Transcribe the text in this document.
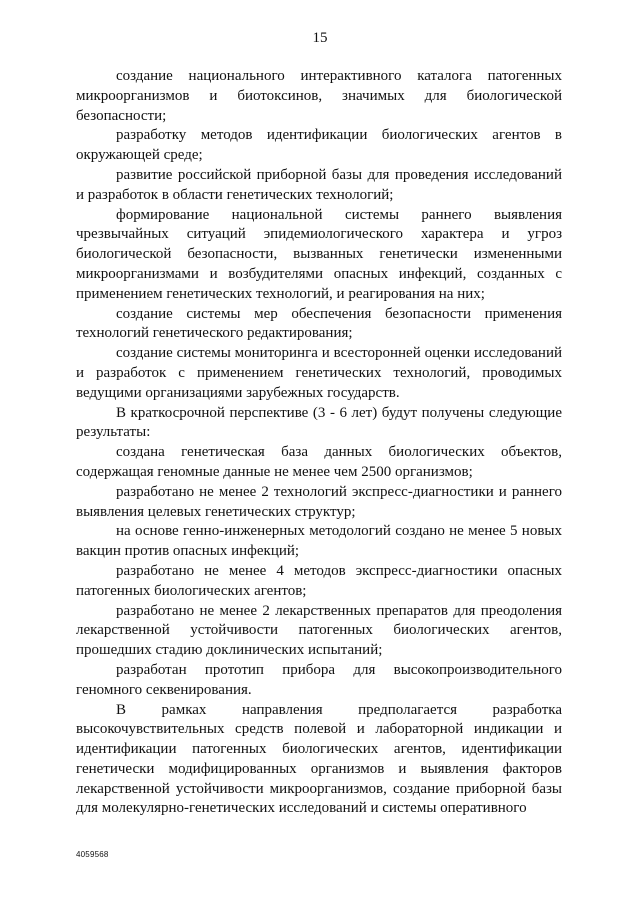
15

создание национального интерактивного каталога патогенных микроорганизмов и биотоксинов, значимых для биологической безопасности;

разработку методов идентификации биологических агентов в окружающей среде;

развитие российской приборной базы для проведения исследований и разработок в области генетических технологий;

формирование национальной системы раннего выявления чрезвычайных ситуаций эпидемиологического характера и угроз биологической безопасности, вызванных генетически измененными микроорганизмами и возбудителями опасных инфекций, созданных с применением генетических технологий, и реагирования на них;

создание системы мер обеспечения безопасности применения технологий генетического редактирования;

создание системы мониторинга и всесторонней оценки исследований и разработок с применением генетических технологий, проводимых ведущими организациями зарубежных государств.

В краткосрочной перспективе (3 - 6 лет) будут получены следующие результаты:

создана генетическая база данных биологических объектов, содержащая геномные данные не менее чем 2500 организмов;

разработано не менее 2 технологий экспресс-диагностики и раннего выявления целевых генетических структур;

на основе генно-инженерных методологий создано не менее 5 новых вакцин против опасных инфекций;

разработано не менее 4 методов экспресс-диагностики опасных патогенных биологических агентов;

разработано не менее 2 лекарственных препаратов для преодоления лекарственной устойчивости патогенных биологических агентов, прошедших стадию доклинических испытаний;

разработан прототип прибора для высокопроизводительного геномного секвенирования.

В рамках направления предполагается разработка высокочувствительных средств полевой и лабораторной индикации и идентификации патогенных биологических агентов, идентификации генетически модифицированных организмов и выявления факторов лекарственной устойчивости микроорганизмов, создание приборной базы для молекулярно-генетических исследований и системы оперативного

4059568
